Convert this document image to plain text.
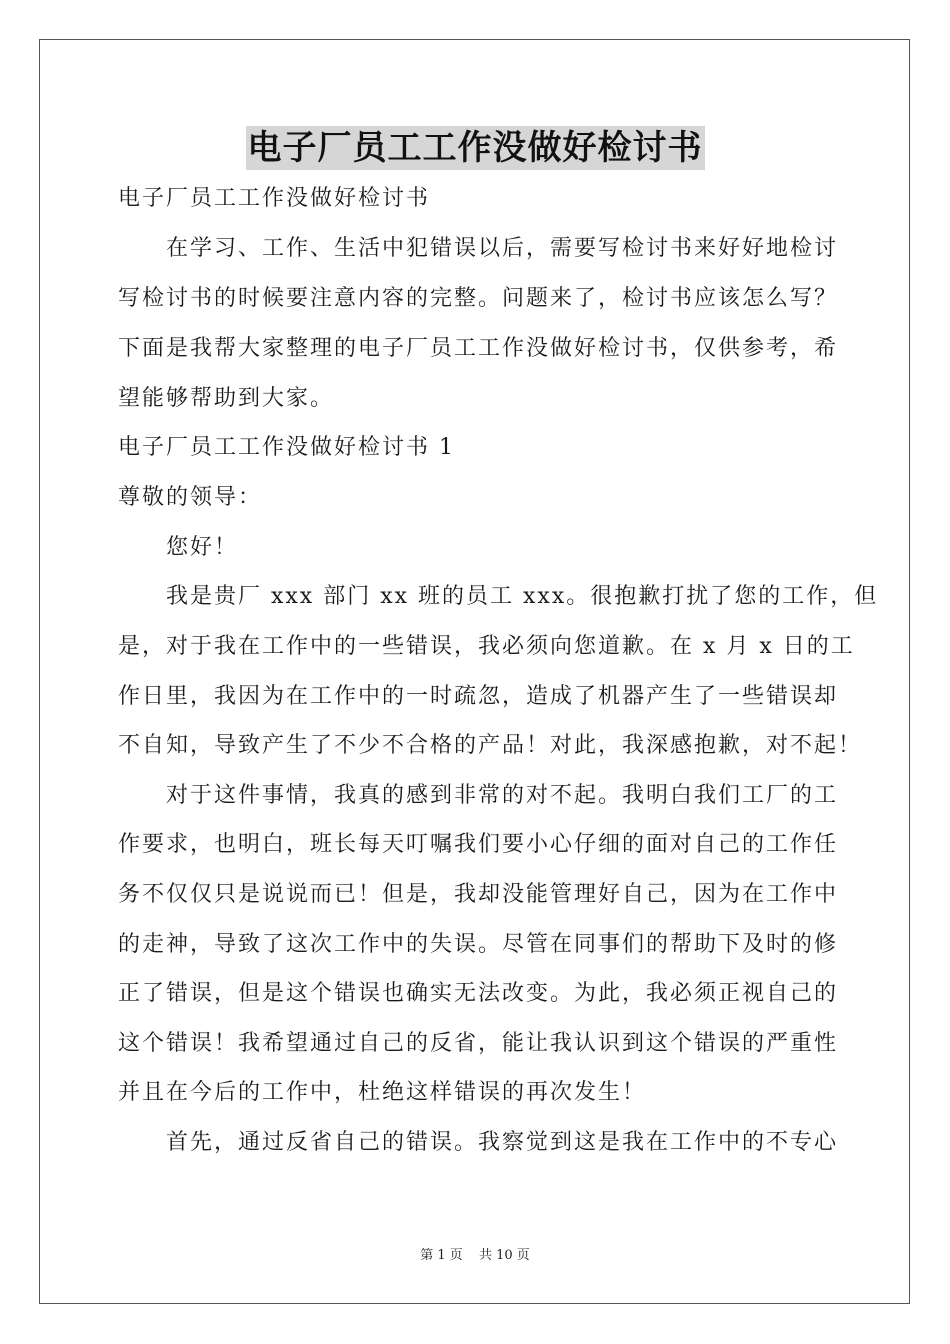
电子厂员工工作没做好检讨书
电子厂员工工作没做好检讨书
在学习、工作、生活中犯错误以后，需要写检讨书来好好地检讨
写检讨书的时候要注意内容的完整。问题来了，检讨书应该怎么写？
下面是我帮大家整理的电子厂员工工作没做好检讨书，仅供参考，希
望能够帮助到大家。
电子厂员工工作没做好检讨书 1
尊敬的领导：
您好！
我是贵厂 xxx 部门 xx 班的员工 xxx。很抱歉打扰了您的工作，但
是，对于我在工作中的一些错误，我必须向您道歉。在 x 月 x 日的工
作日里，我因为在工作中的一时疏忽，造成了机器产生了一些错误却
不自知，导致产生了不少不合格的产品！对此，我深感抱歉，对不起！
对于这件事情，我真的感到非常的对不起。我明白我们工厂的工
作要求，也明白，班长每天叮嘱我们要小心仔细的面对自己的工作任
务不仅仅只是说说而已！但是，我却没能管理好自己，因为在工作中
的走神，导致了这次工作中的失误。尽管在同事们的帮助下及时的修
正了错误，但是这个错误也确实无法改变。为此，我必须正视自己的
这个错误！我希望通过自己的反省，能让我认识到这个错误的严重性
并且在今后的工作中，杜绝这样错误的再次发生！
首先，通过反省自己的错误。我察觉到这是我在工作中的不专心
第 1 页 共 10 页
